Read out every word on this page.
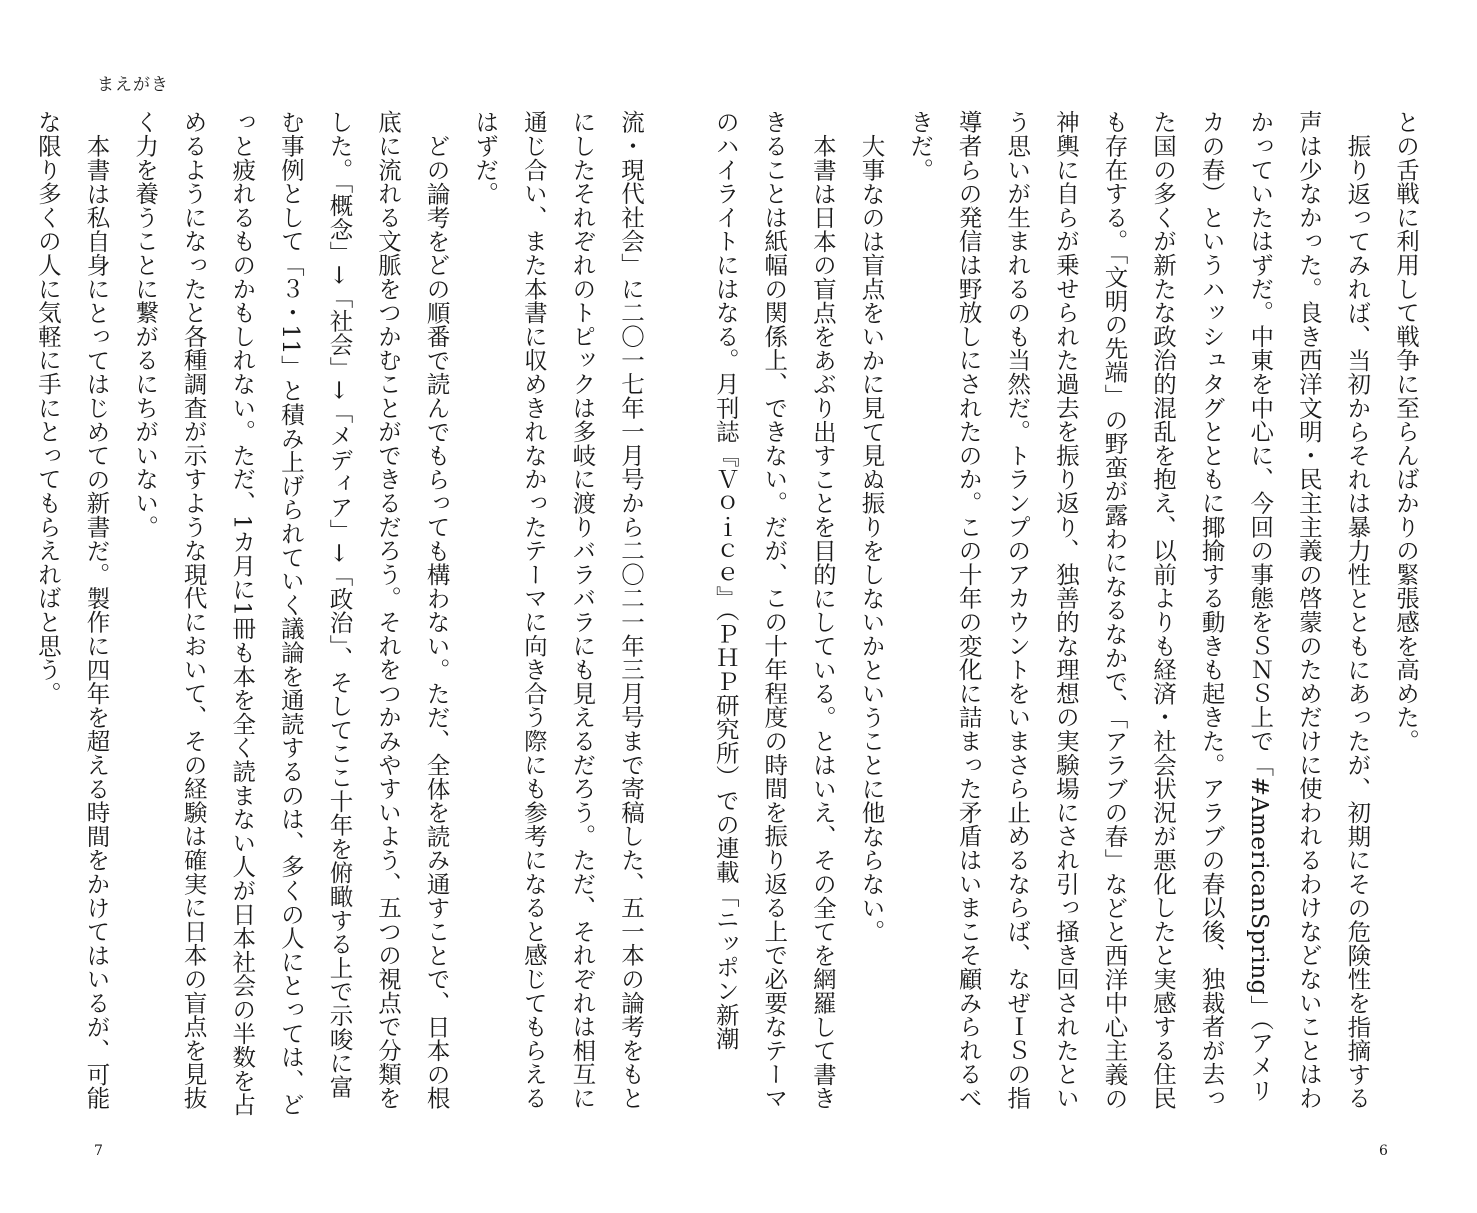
まえがき

との舌戦に利用して戦争に至らんばかりの緊張感を高めた。

振り返ってみれば、当初からそれは暴力性とともにあったが、初期にその危険性を指摘する声は少なかった。良き西洋文明・民主主義の啓蒙のためだけに使われるわけなどないことはわかっていたはずだ。中東を中心に、今回の事態をＳＮＳ上で「#AmericanSpring」（アメリカの春）というハッシュタグとともに揶揄する動きも起きた。アラブの春以後、独裁者が去った国の多くが新たな政治的混乱を抱え、以前よりも経済・社会状況が悪化したと実感する住民も存在する。「文明の先端」の野蛮が露わになるなかで、「アラブの春」などと西洋中心主義の神輿に自らが乗せられた過去を振り返り、独善的な理想の実験場にされ引っ掻き回されたという思いが生まれるのも当然だ。トランプのアカウントをいまさら止めるならば、なぜＩＳの指導者らの発信は野放しにされたのか。この十年の変化に詰まった矛盾はいまこそ顧みられるべきだ。

大事なのは盲点をいかに見て見ぬ振りをしないかということに他ならない。

本書は日本の盲点をあぶり出すことを目的にしている。とはいえ、その全てを網羅して書ききることは紙幅の関係上、できない。だが、この十年程度の時間を振り返る上で必要なテーマのハイライトにはなる。月刊誌『Ｖｏｉｃｅ』（ＰＨＰ研究所）での連載「ニッポン新潮

流・現代社会」に二〇一七年一月号から二〇二一年三月号まで寄稿した、五一本の論考をもとにしたそれぞれのトピックは多岐に渡りバラバラにも見えるだろう。ただ、それぞれは相互に通じ合い、また本書に収めきれなかったテーマに向き合う際にも参考になると感じてもらえるはずだ。

どの論考をどの順番で読んでもらっても構わない。ただ、全体を読み通すことで、日本の根底に流れる文脈をつかむことができるだろう。それをつかみやすいよう、五つの視点で分類をした。「概念」→「社会」→「メディア」→「政治」、そしてここ十年を俯瞰する上で示唆に富む事例として「３・11」と積み上げられていく議論を通読するのは、多くの人にとっては、どっと疲れるものかもしれない。ただ、1カ月に1冊も本を全く読まない人が日本社会の半数を占めるようになったと各種調査が示すような現代において、その経験は確実に日本の盲点を見抜く力を養うことに繋がるにちがいない。

本書は私自身にとってはじめての新書だ。製作に四年を超える時間をかけてはいるが、可能な限り多くの人に気軽に手にとってもらえればと思う。

6
7
